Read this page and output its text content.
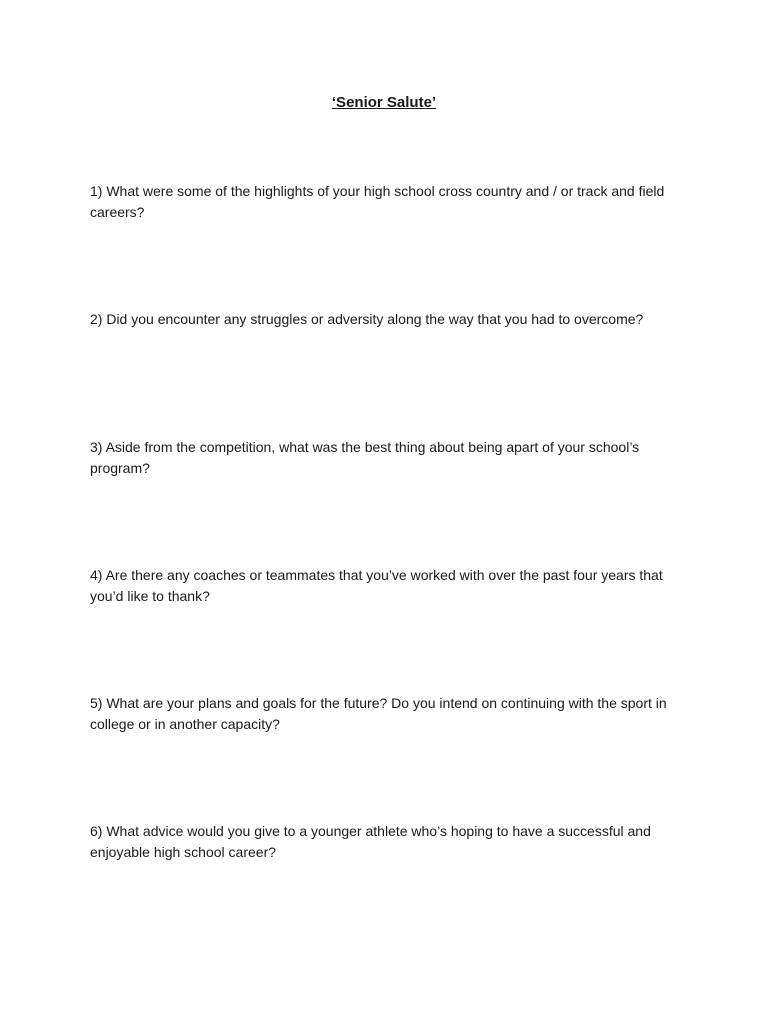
‘Senior Salute’

1) What were some of the highlights of your high school cross country and / or track and field careers?

2) Did you encounter any struggles or adversity along the way that you had to overcome?

3) Aside from the competition, what was the best thing about being apart of your school’s program?

4) Are there any coaches or teammates that you’ve worked with over the past four years that you’d like to thank?

5) What are your plans and goals for the future? Do you intend on continuing with the sport in college or in another capacity?

6) What advice would you give to a younger athlete who’s hoping to have a successful and enjoyable high school career?
